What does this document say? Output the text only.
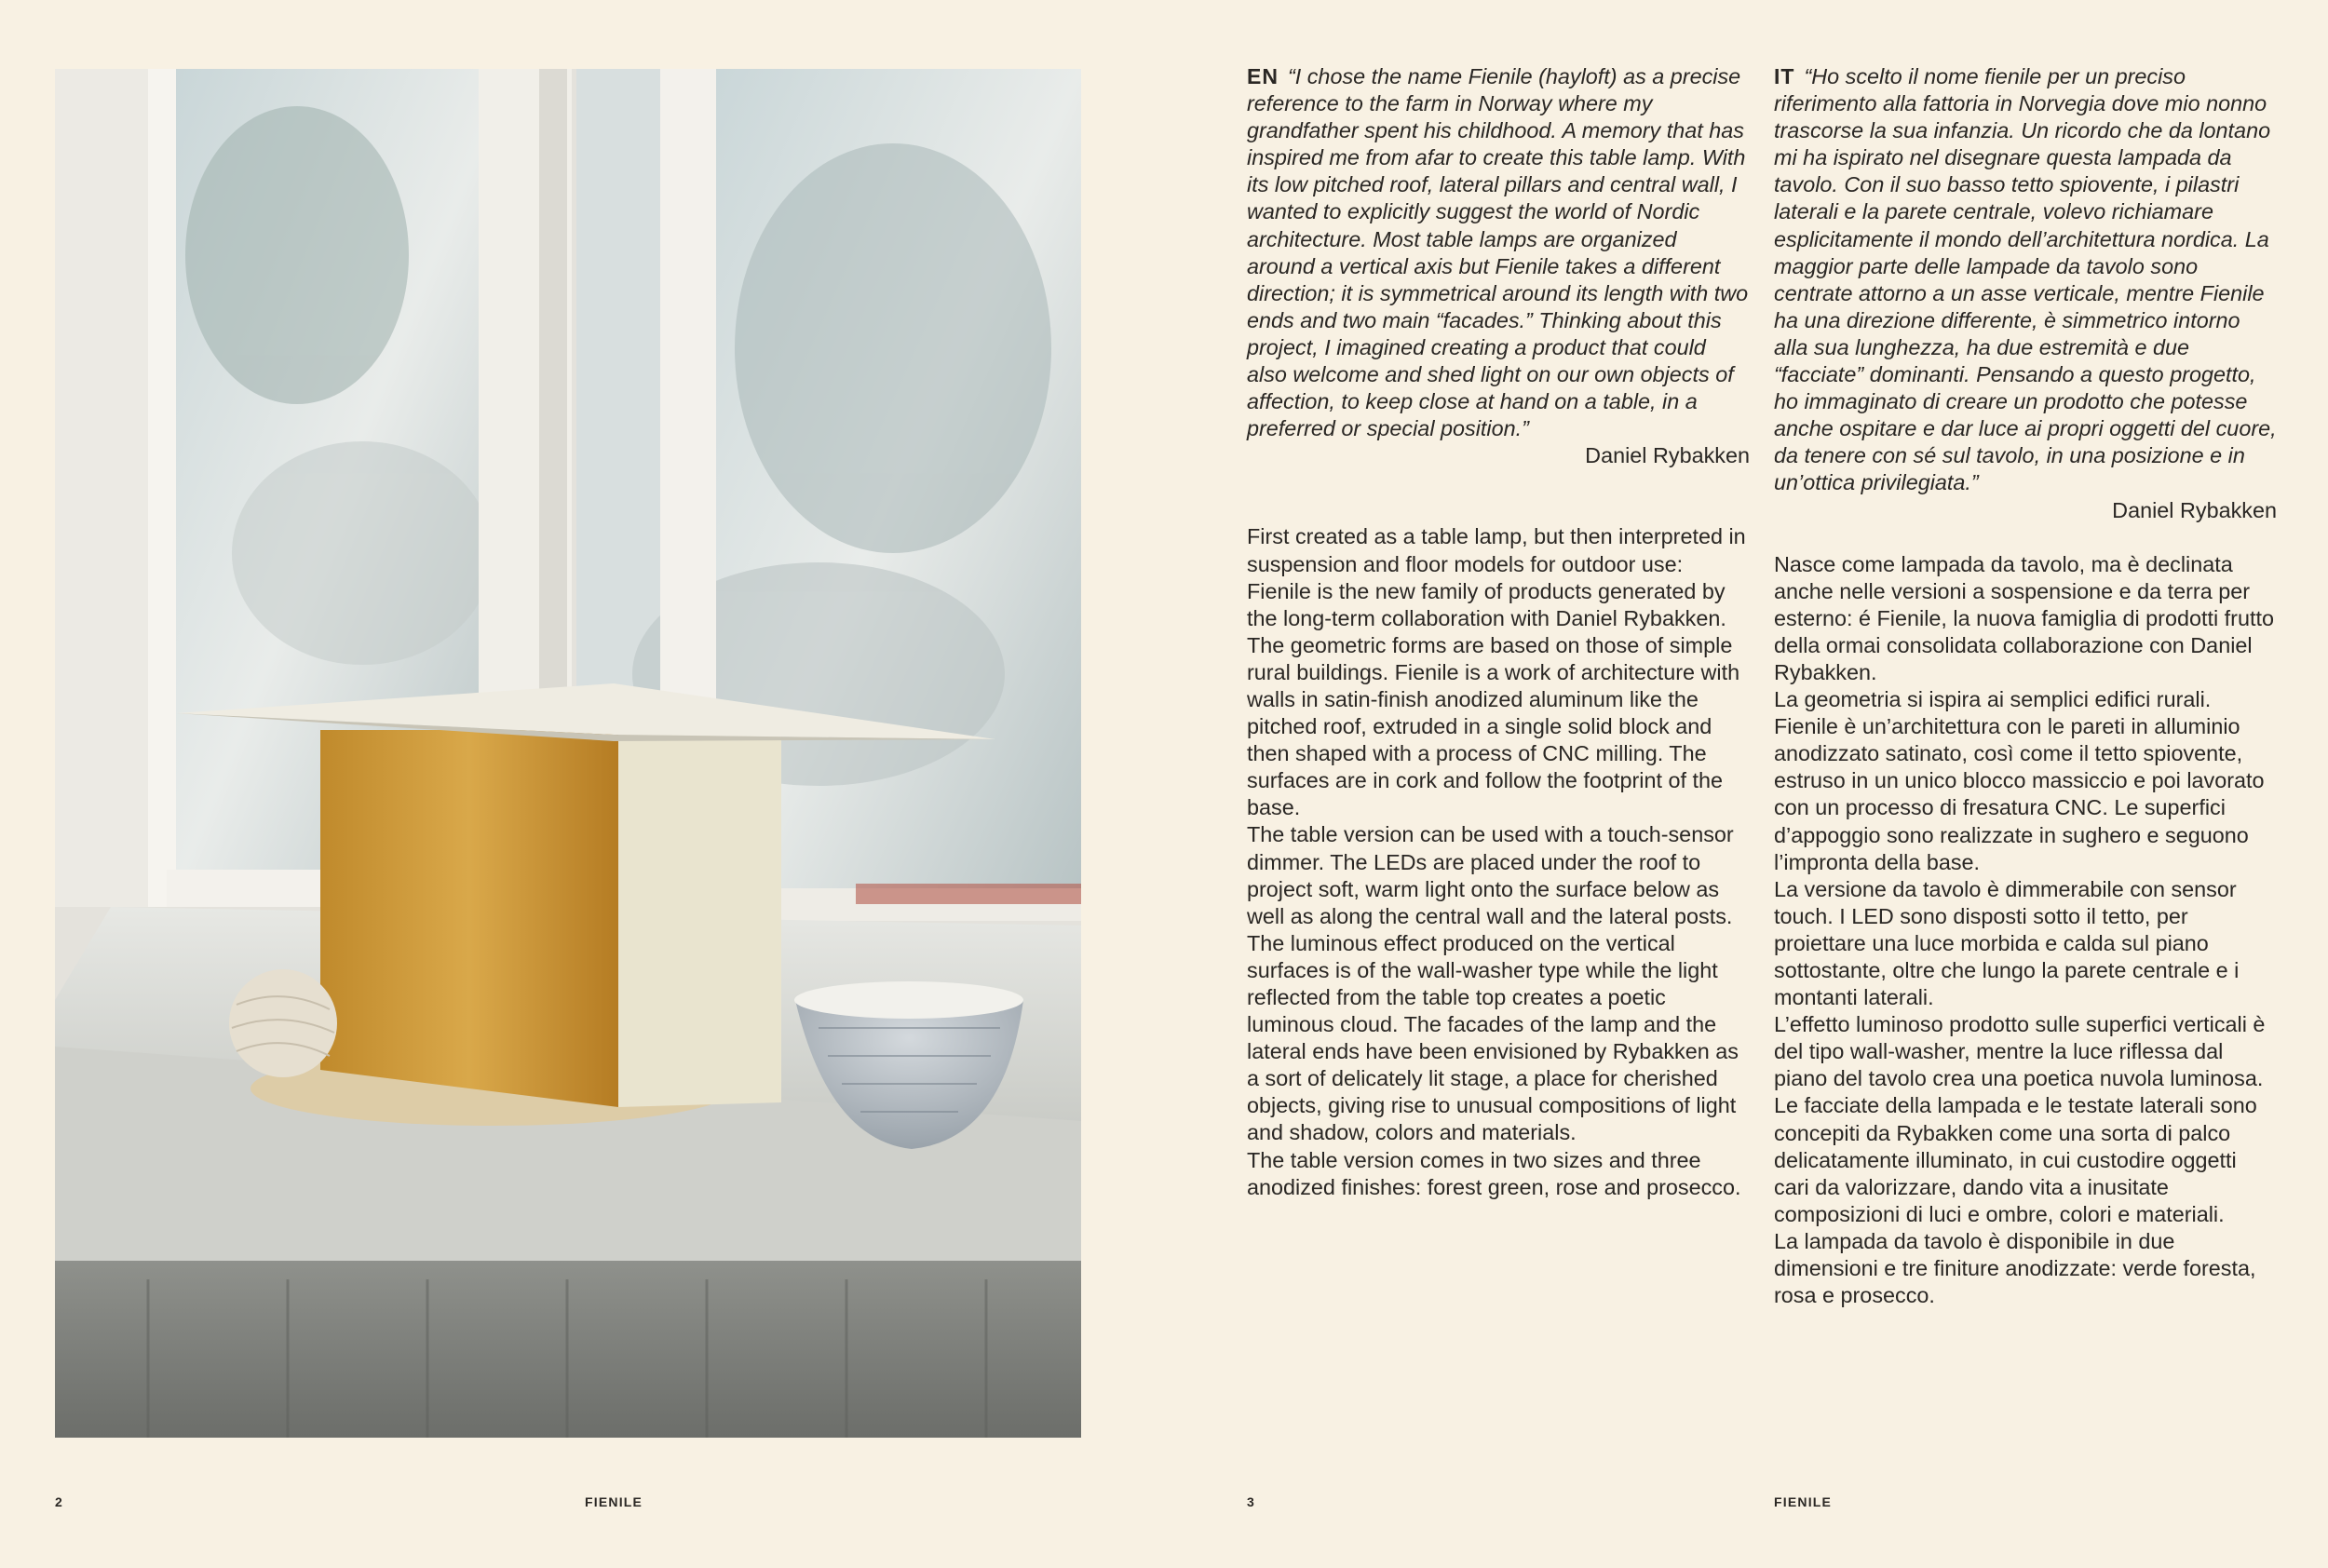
EN “I chose the name Fienile (hayloft) as a precise reference to the farm in Norway where my grandfather spent his childhood. A memory that has inspired me from afar to create this table lamp. With its low pitched roof, lateral pillars and central wall, I wanted to explicitly suggest the world of Nordic architecture. Most table lamps are organized around a vertical axis but Fienile takes a different direction; it is symmetrical around its length with two ends and two main “facades.” Thinking about this project, I imagined creating a product that could also welcome and shed light on our own objects of affection, to keep close at hand on a table, in a preferred or special position.”

Daniel Rybakken

First created as a table lamp, but then interpreted in suspension and floor models for outdoor use: Fienile is the new family of products generated by the long-term collaboration with Daniel Rybakken.

The geometric forms are based on those of simple rural buildings. Fienile is a work of architecture with walls in satin-finish anodized aluminum like the pitched roof, extruded in a single solid block and then shaped with a process of CNC milling. The surfaces are in cork and follow the footprint of the base.

The table version can be used with a touch-sensor dimmer. The LEDs are placed under the roof to project soft, warm light onto the surface below as well as along the central wall and the lateral posts. The luminous effect produced on the vertical surfaces is of the wall-washer type while the light reflected from the table top creates a poetic luminous cloud. The facades of the lamp and the lateral ends have been envisioned by Rybakken as a sort of delicately lit stage, a place for cherished objects, giving rise to unusual compositions of light and shadow, colors and materials.

The table version comes in two sizes and three anodized finishes: forest green, rose and prosecco.

IT “Ho scelto il nome fienile per un preciso riferimento alla fattoria in Norvegia dove mio nonno trascorse la sua infanzia. Un ricordo che da lontano mi ha ispirato nel disegnare questa lampada da tavolo. Con il suo basso tetto spiovente, i pilastri laterali e la parete centrale, volevo richiamare esplicitamente il mondo dell’architettura nordica. La maggior parte delle lampade da tavolo sono centrate attorno a un asse verticale, mentre Fienile ha una direzione differente, è simmetrico intorno alla sua lunghezza, ha due estremità e due “facciate” dominanti. Pensando a questo progetto, ho immaginato di creare un prodotto che potesse anche ospitare e dar luce ai propri oggetti del cuore, da tenere con sé sul tavolo, in una posizione e in un’ottica privilegiata.”

Daniel Rybakken

Nasce come lampada da tavolo, ma è declinata anche nelle versioni a sospensione e da terra per esterno: é Fienile, la nuova famiglia di prodotti frutto della ormai consolidata collaborazione con Daniel Rybakken.

La geometria si ispira ai semplici edifici rurali. Fienile è un’architettura con le pareti in alluminio anodizzato satinato, così come il tetto spiovente, estruso in un unico blocco massiccio e poi lavorato con un processo di fresatura CNC. Le superfici d’appoggio sono realizzate in sughero e seguono l’impronta della base.

La versione da tavolo è dimmerabile con sensor touch. I LED sono disposti sotto il tetto, per proiettare una luce morbida e calda sul piano sottostante, oltre che lungo la parete centrale e i montanti laterali.

L’effetto luminoso prodotto sulle superfici verticali è del tipo wall-washer, mentre la luce riflessa dal piano del tavolo crea una poetica nuvola luminosa. Le facciate della lampada e le testate laterali sono concepiti da Rybakken come una sorta di palco delicatamente illuminato, in cui custodire oggetti cari da valorizzare, dando vita a inusitate composizioni di luci e ombre, colori e materiali.

La lampada da tavolo è disponibile in due dimensioni e tre finiture anodizzate: verde foresta, rosa e prosecco.

2	FIENILE	3	FIENILE
